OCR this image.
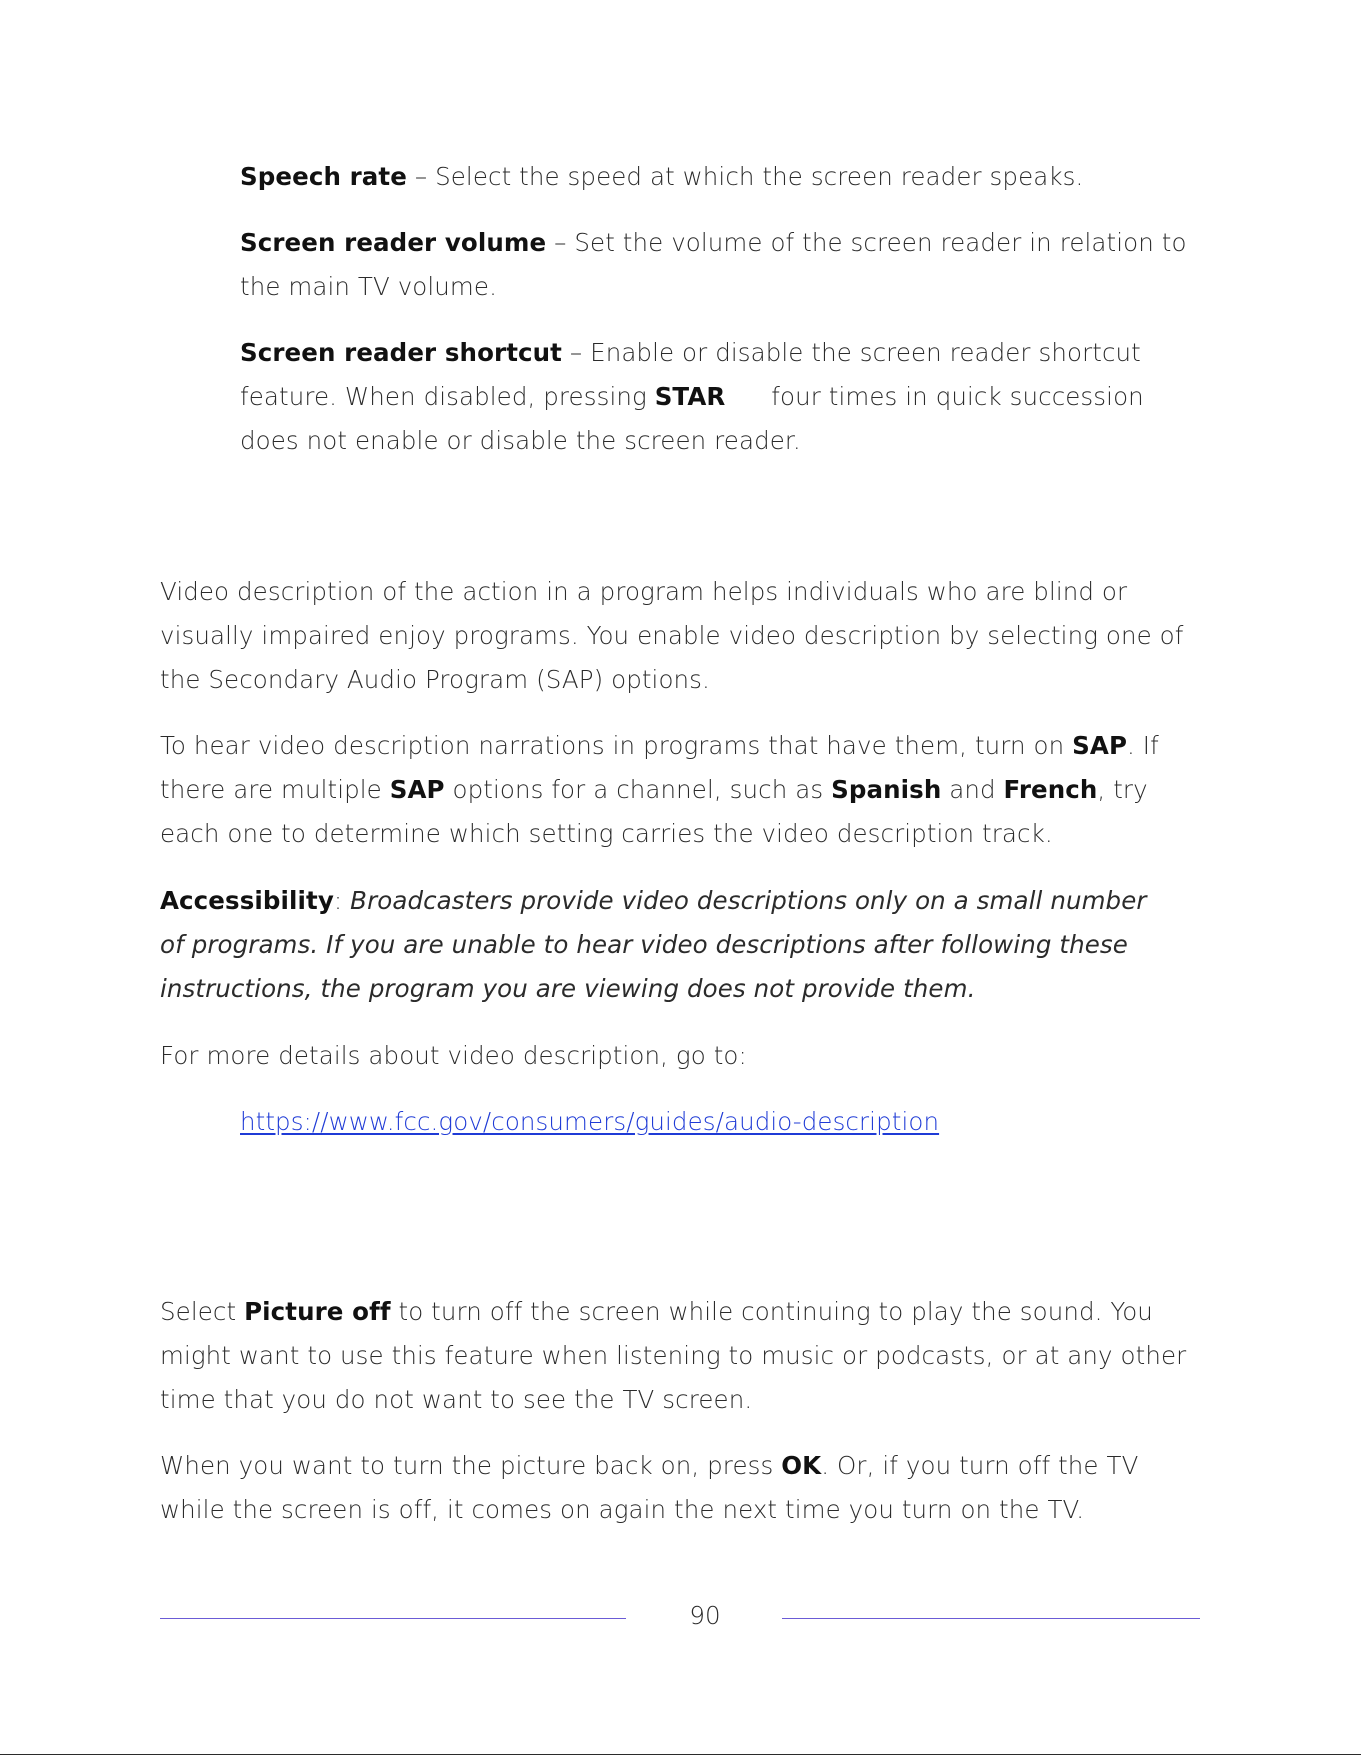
Speech rate – Select the speed at which the screen reader speaks.

Screen reader volume – Set the volume of the screen reader in relation to the main TV volume.

Screen reader shortcut – Enable or disable the screen reader shortcut feature. When disabled, pressing STAR four times in quick succession does not enable or disable the screen reader.

Video description of the action in a program helps individuals who are blind or visually impaired enjoy programs. You enable video description by selecting one of the Secondary Audio Program (SAP) options.

To hear video description narrations in programs that have them, turn on SAP. If there are multiple SAP options for a channel, such as Spanish and French, try each one to determine which setting carries the video description track.

Accessibility: Broadcasters provide video descriptions only on a small number of programs. If you are unable to hear video descriptions after following these instructions, the program you are viewing does not provide them.

For more details about video description, go to:

https://www.fcc.gov/consumers/guides/audio-description

Select Picture off to turn off the screen while continuing to play the sound. You might want to use this feature when listening to music or podcasts, or at any other time that you do not want to see the TV screen.

When you want to turn the picture back on, press OK. Or, if you turn off the TV while the screen is off, it comes on again the next time you turn on the TV.

90
